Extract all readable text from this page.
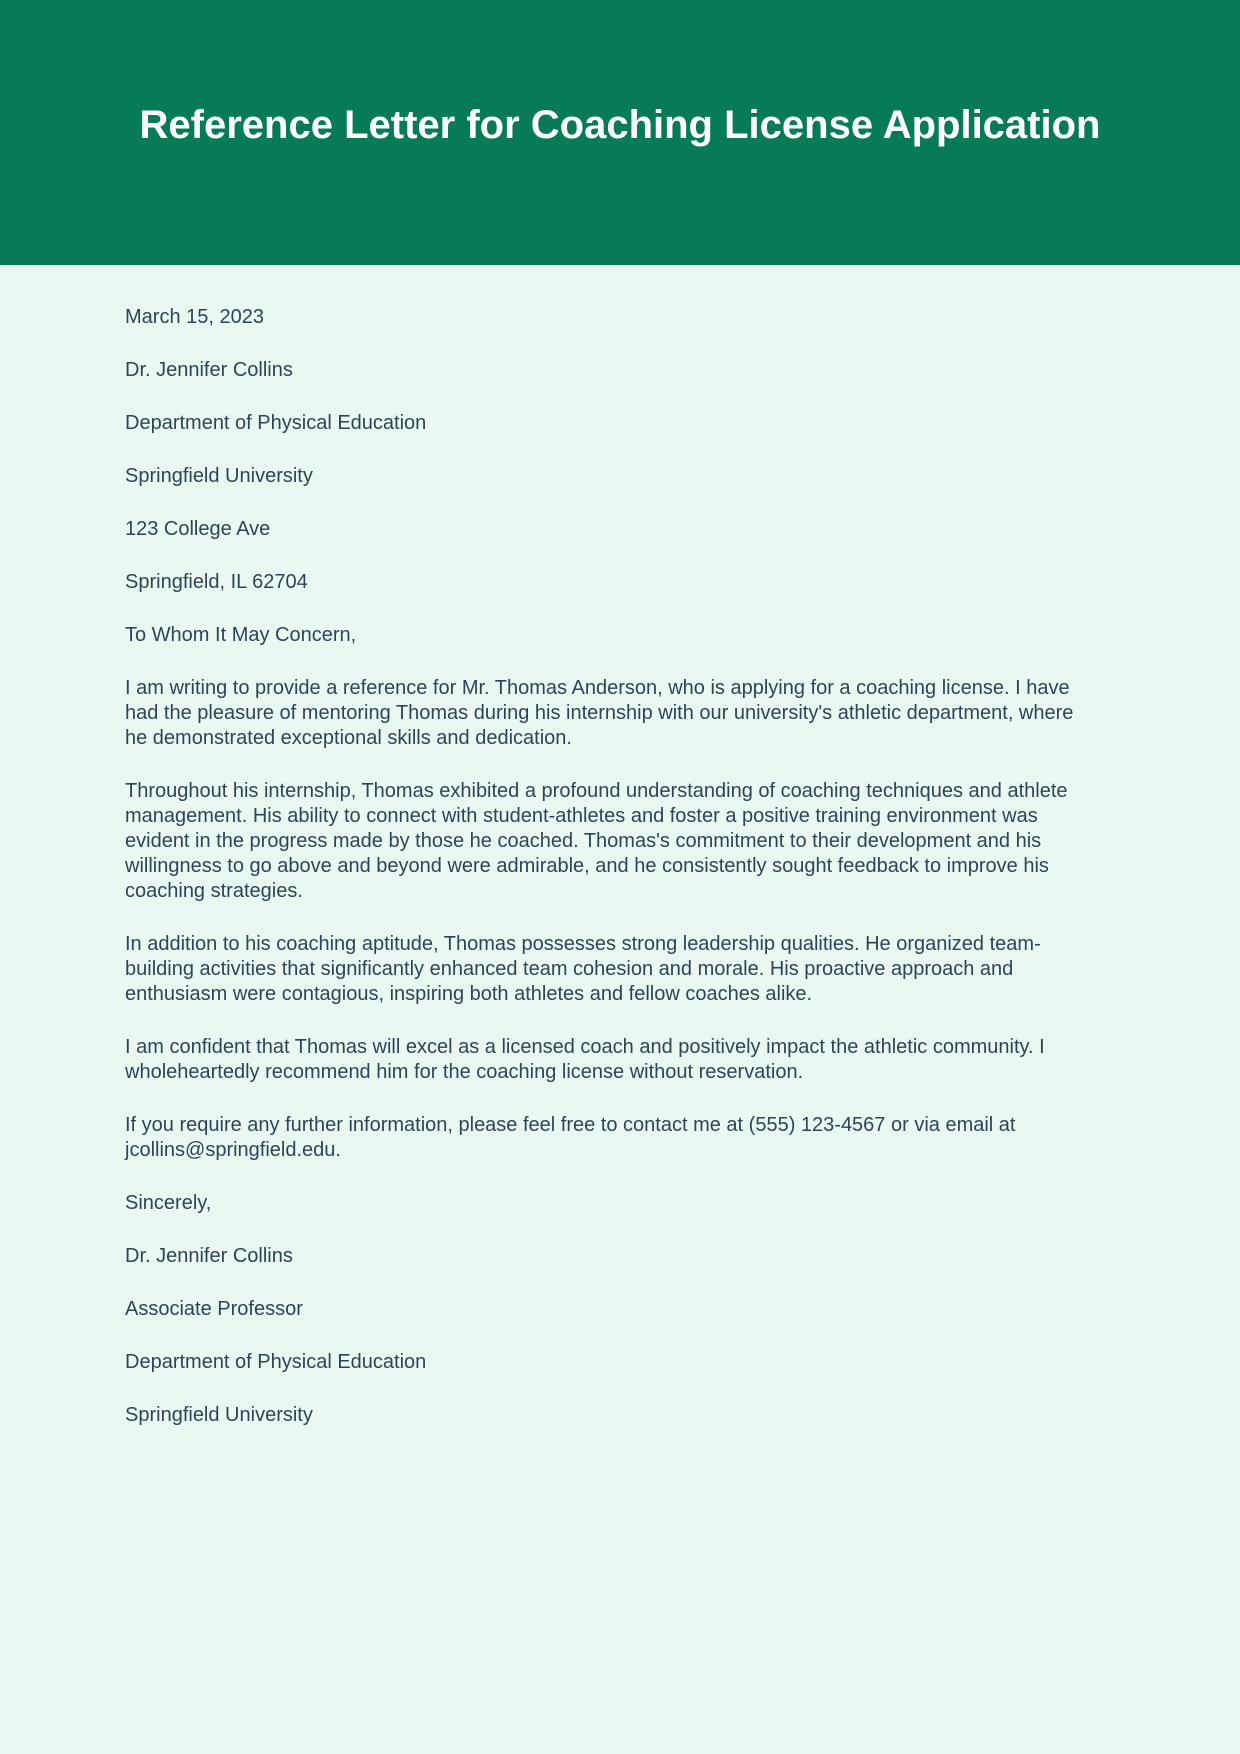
Reference Letter for Coaching License Application

March 15, 2023

Dr. Jennifer Collins

Department of Physical Education

Springfield University

123 College Ave

Springfield, IL 62704

To Whom It May Concern,

I am writing to provide a reference for Mr. Thomas Anderson, who is applying for a coaching license. I have had the pleasure of mentoring Thomas during his internship with our university's athletic department, where he demonstrated exceptional skills and dedication.

Throughout his internship, Thomas exhibited a profound understanding of coaching techniques and athlete management. His ability to connect with student-athletes and foster a positive training environment was evident in the progress made by those he coached. Thomas's commitment to their development and his willingness to go above and beyond were admirable, and he consistently sought feedback to improve his coaching strategies.

In addition to his coaching aptitude, Thomas possesses strong leadership qualities. He organized team-building activities that significantly enhanced team cohesion and morale. His proactive approach and enthusiasm were contagious, inspiring both athletes and fellow coaches alike.

I am confident that Thomas will excel as a licensed coach and positively impact the athletic community. I wholeheartedly recommend him for the coaching license without reservation.

If you require any further information, please feel free to contact me at (555) 123-4567 or via email at jcollins@springfield.edu.

Sincerely,

Dr. Jennifer Collins

Associate Professor

Department of Physical Education

Springfield University
